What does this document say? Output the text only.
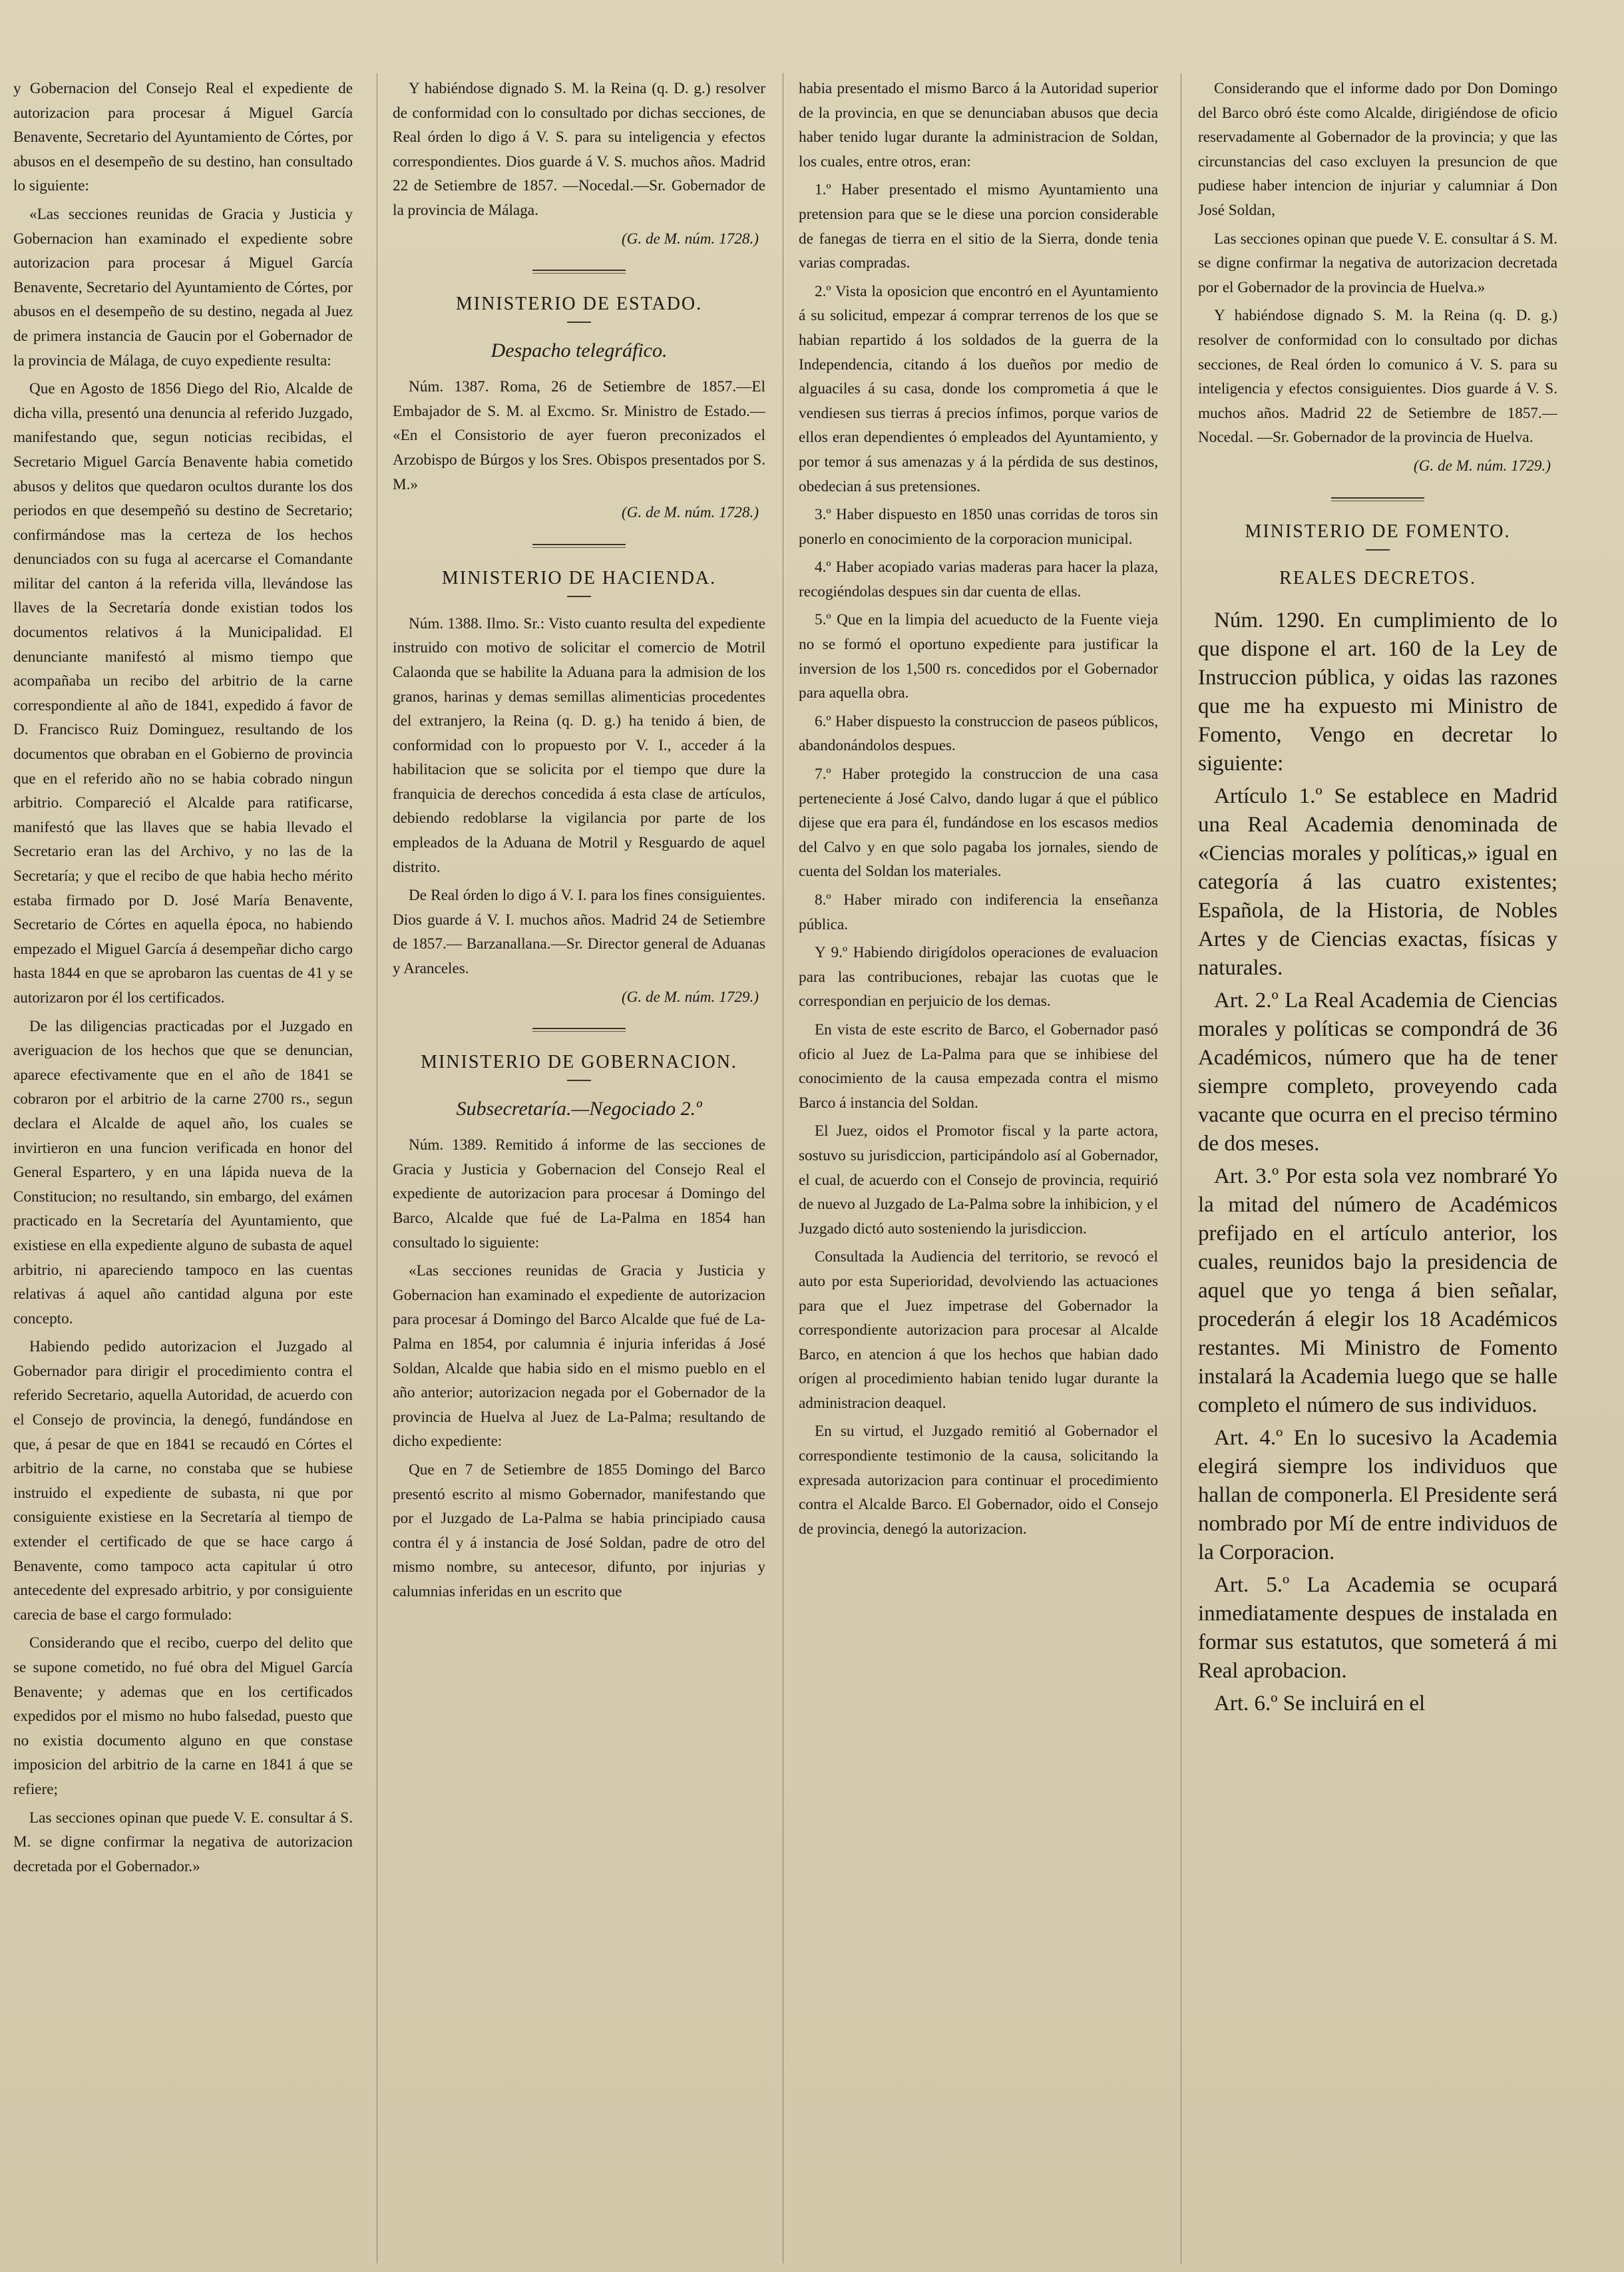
y Gobernacion del Consejo Real el expediente de autorizacion para procesar á Miguel García Benavente, Secretario del Ayuntamiento de Córtes, por abusos en el desempeño de su destino, han consultado lo siguiente:

«Las secciones reunidas de Gracia y Justicia y Gobernacion han examinado el expediente sobre autorizacion para procesar á Miguel García Benavente, Secretario del Ayuntamiento de Córtes, por abusos en el desempeño de su destino, negada al Juez de primera instancia de Gaucin por el Gobernador de la provincia de Málaga, de cuyo expediente resulta:

Que en Agosto de 1856 Diego del Rio, Alcalde de dicha villa, presentó una denuncia al referido Juzgado, manifestando que, segun noticias recibidas, el Secretario Miguel García Benavente habia cometido abusos y delitos que quedaron ocultos durante los dos periodos en que desempeñó su destino de Secretario; confirmándose mas la certeza de los hechos denunciados con su fuga al acercarse el Comandante militar del canton á la referida villa, llevándose las llaves de la Secretaría donde existian todos los documentos relativos á la Municipalidad. El denunciante manifestó al mismo tiempo que acompañaba un recibo del arbitrio de la carne correspondiente al año de 1841, expedido á favor de D. Francisco Ruiz Dominguez, resultando de los documentos que obraban en el Gobierno de provincia que en el referido año no se habia cobrado ningun arbitrio. Compareció el Alcalde para ratificarse, manifestó que las llaves que se habia llevado el Secretario eran las del Archivo, y no las de la Secretaría; y que el recibo de que habia hecho mérito estaba firmado por D. José María Benavente, Secretario de Córtes en aquella época, no habiendo empezado el Miguel García á desempeñar dicho cargo hasta 1844 en que se aprobaron las cuentas de 41 y se autorizaron por él los certificados.

De las diligencias practicadas por el Juzgado en averiguacion de los hechos que que se denuncian, aparece efectivamente que en el año de 1841 se cobraron por el arbitrio de la carne 2700 rs., segun declara el Alcalde de aquel año, los cuales se invirtieron en una funcion verificada en honor del General Espartero, y en una lápida nueva de la Constitucion; no resultando, sin embargo, del exámen practicado en la Secretaría del Ayuntamiento, que existiese en ella expediente alguno de subasta de aquel arbitrio, ni apareciendo tampoco en las cuentas relativas á aquel año cantidad alguna por este concepto.

Habiendo pedido autorizacion el Juzgado al Gobernador para dirigir el procedimiento contra el referido Secretario, aquella Autoridad, de acuerdo con el Consejo de provincia, la denegó, fundándose en que, á pesar de que en 1841 se recaudó en Córtes el arbitrio de la carne, no constaba que se hubiese instruido el expediente de subasta, ni que por consiguiente existiese en la Secretaría al tiempo de extender el certificado de que se hace cargo á Benavente, como tampoco acta capitular ú otro antecedente del expresado arbitrio, y por consiguiente carecia de base el cargo formulado:

Considerando que el recibo, cuerpo del delito que se supone cometido, no fué obra del Miguel García Benavente; y ademas que en los certificados expedidos por el mismo no hubo falsedad, puesto que no existia documento alguno en que constase imposicion del arbitrio de la carne en 1841 á que se refiere;

Las secciones opinan que puede V. E. consultar á S. M. se digne confirmar la negativa de autorizacion decretada por el Gobernador.»

Y habiéndose dignado S. M. la Reina (q. D. g.) resolver de conformidad con lo consultado por dichas secciones, de Real órden lo digo á V. S. para su inteligencia y efectos correspondientes. Dios guarde á V. S. muchos años. Madrid 22 de Setiembre de 1857. —Nocedal.—Sr. Gobernador de la provincia de Málaga.

(G. de M. núm. 1728.)

MINISTERIO DE ESTADO.
Despacho telegráfico.

Núm. 1387. Roma, 26 de Setiembre de 1857.—El Embajador de S. M. al Excmo. Sr. Ministro de Estado.— «En el Consistorio de ayer fueron preconizados el Arzobispo de Búrgos y los Sres. Obispos presentados por S. M.»

(G. de M. núm. 1728.)

MINISTERIO DE HACIENDA.

Núm. 1388. Ilmo. Sr.: Visto cuanto resulta del expediente instruido con motivo de solicitar el comercio de Motril Calaonda que se habilite la Aduana para la admision de los granos, harinas y demas semillas alimenticias procedentes del extranjero, la Reina (q. D. g.) ha tenido á bien, de conformidad con lo propuesto por V. I., acceder á la habilitacion que se solicita por el tiempo que dure la franquicia de derechos concedida á esta clase de artículos, debiendo redoblarse la vigilancia por parte de los empleados de la Aduana de Motril y Resguardo de aquel distrito.

De Real órden lo digo á V. I. para los fines consiguientes. Dios guarde á V. I. muchos años. Madrid 24 de Setiembre de 1857.— Barzanallana.—Sr. Director general de Aduanas y Aranceles.

(G. de M. núm. 1729.)

MINISTERIO DE GOBERNACION.
Subsecretaría.—Negociado 2.º

Núm. 1389. Remitido á informe de las secciones de Gracia y Justicia y Gobernacion del Consejo Real el expediente de autorizacion para procesar á Domingo del Barco, Alcalde que fué de La-Palma en 1854 han consultado lo siguiente:

«Las secciones reunidas de Gracia y Justicia y Gobernacion han examinado el expediente de autorizacion para procesar á Domingo del Barco Alcalde que fué de La-Palma en 1854, por calumnia é injuria inferidas á José Soldan, Alcalde que habia sido en el mismo pueblo en el año anterior; autorizacion negada por el Gobernador de la provincia de Huelva al Juez de La-Palma; resultando de dicho expediente:

Que en 7 de Setiembre de 1855 Domingo del Barco presentó escrito al mismo Gobernador, manifestando que por el Juzgado de La-Palma se habia principiado causa contra él y á instancia de José Soldan, padre de otro del mismo nombre, su antecesor, difunto, por injurias y calumnias inferidas en un escrito que

habia presentado el mismo Barco á la Autoridad superior de la provincia, en que se denunciaban abusos que decia haber tenido lugar durante la administracion de Soldan, los cuales, entre otros, eran:

1.º Haber presentado el mismo Ayuntamiento una pretension para que se le diese una porcion considerable de fanegas de tierra en el sitio de la Sierra, donde tenia varias compradas.

2.º Vista la oposicion que encontró en el Ayuntamiento á su solicitud, empezar á comprar terrenos de los que se habian repartido á los soldados de la guerra de la Independencia, citando á los dueños por medio de alguaciles á su casa, donde los comprometia á que le vendiesen sus tierras á precios ínfimos, porque varios de ellos eran dependientes ó empleados del Ayuntamiento, y por temor á sus amenazas y á la pérdida de sus destinos, obedecian á sus pretensiones.

3.º Haber dispuesto en 1850 unas corridas de toros sin ponerlo en conocimiento de la corporacion municipal.

4.º Haber acopiado varias maderas para hacer la plaza, recogiéndolas despues sin dar cuenta de ellas.

5.º Que en la limpia del acueducto de la Fuente vieja no se formó el oportuno expediente para justificar la inversion de los 1,500 rs. concedidos por el Gobernador para aquella obra.

6.º Haber dispuesto la construccion de paseos públicos, abandonándolos despues.

7.º Haber protegido la construccion de una casa perteneciente á José Calvo, dando lugar á que el público dijese que era para él, fundándose en los escasos medios del Calvo y en que solo pagaba los jornales, siendo de cuenta del Soldan los materiales.

8.º Haber mirado con indiferencia la enseñanza pública.

Y 9.º Habiendo dirigídolos operaciones de evaluacion para las contribuciones, rebajar las cuotas que le correspondian en perjuicio de los demas.

En vista de este escrito de Barco, el Gobernador pasó oficio al Juez de La-Palma para que se inhibiese del conocimiento de la causa empezada contra el mismo Barco á instancia del Soldan.

El Juez, oidos el Promotor fiscal y la parte actora, sostuvo su jurisdiccion, participándolo así al Gobernador, el cual, de acuerdo con el Consejo de provincia, requirió de nuevo al Juzgado de La-Palma sobre la inhibicion, y el Juzgado dictó auto sosteniendo la jurisdiccion.

Consultada la Audiencia del territorio, se revocó el auto por esta Superioridad, devolviendo las actuaciones para que el Juez impetrase del Gobernador la correspondiente autorizacion para procesar al Alcalde Barco, en atencion á que los hechos que habian dado orígen al procedimiento habian tenido lugar durante la administracion deaquel.

En su virtud, el Juzgado remitió al Gobernador el correspondiente testimonio de la causa, solicitando la expresada autorizacion para continuar el procedimiento contra el Alcalde Barco. El Gobernador, oido el Consejo de provincia, denegó la autorizacion.

Considerando que el informe dado por Don Domingo del Barco obró éste como Alcalde, dirigiéndose de oficio reservadamente al Gobernador de la provincia; y que las circunstancias del caso excluyen la presuncion de que pudiese haber intencion de injuriar y calumniar á Don José Soldan,

Las secciones opinan que puede V. E. consultar á S. M. se digne confirmar la negativa de autorizacion decretada por el Gobernador de la provincia de Huelva.»

Y habiéndose dignado S. M. la Reina (q. D. g.) resolver de conformidad con lo consultado por dichas secciones, de Real órden lo comunico á V. S. para su inteligencia y efectos consiguientes. Dios guarde á V. S. muchos años. Madrid 22 de Setiembre de 1857.—Nocedal. —Sr. Gobernador de la provincia de Huelva.

(G. de M. núm. 1729.)

MINISTERIO DE FOMENTO.
REALES DECRETOS.

Núm. 1290. En cumplimiento de lo que dispone el art. 160 de la Ley de Instruccion pública, y oidas las razones que me ha expuesto mi Ministro de Fomento, Vengo en decretar lo siguiente:

Artículo 1.º Se establece en Madrid una Real Academia denominada de «Ciencias morales y políticas,» igual en categoría á las cuatro existentes; Española, de la Historia, de Nobles Artes y de Ciencias exactas, físicas y naturales.

Art. 2.º La Real Academia de Ciencias morales y políticas se compondrá de 36 Académicos, número que ha de tener siempre completo, proveyendo cada vacante que ocurra en el preciso término de dos meses.

Art. 3.º Por esta sola vez nombraré Yo la mitad del número de Académicos prefijado en el artículo anterior, los cuales, reunidos bajo la presidencia de aquel que yo tenga á bien señalar, procederán á elegir los 18 Académicos restantes. Mi Ministro de Fomento instalará la Academia luego que se halle completo el número de sus individuos.

Art. 4.º En lo sucesivo la Academia elegirá siempre los individuos que hallan de componerla. El Presidente será nombrado por Mí de entre individuos de la Corporacion.

Art. 5.º La Academia se ocupará inmediatamente despues de instalada en formar sus estatutos, que someterá á mi Real aprobacion.

Art. 6.º Se incluirá en el
